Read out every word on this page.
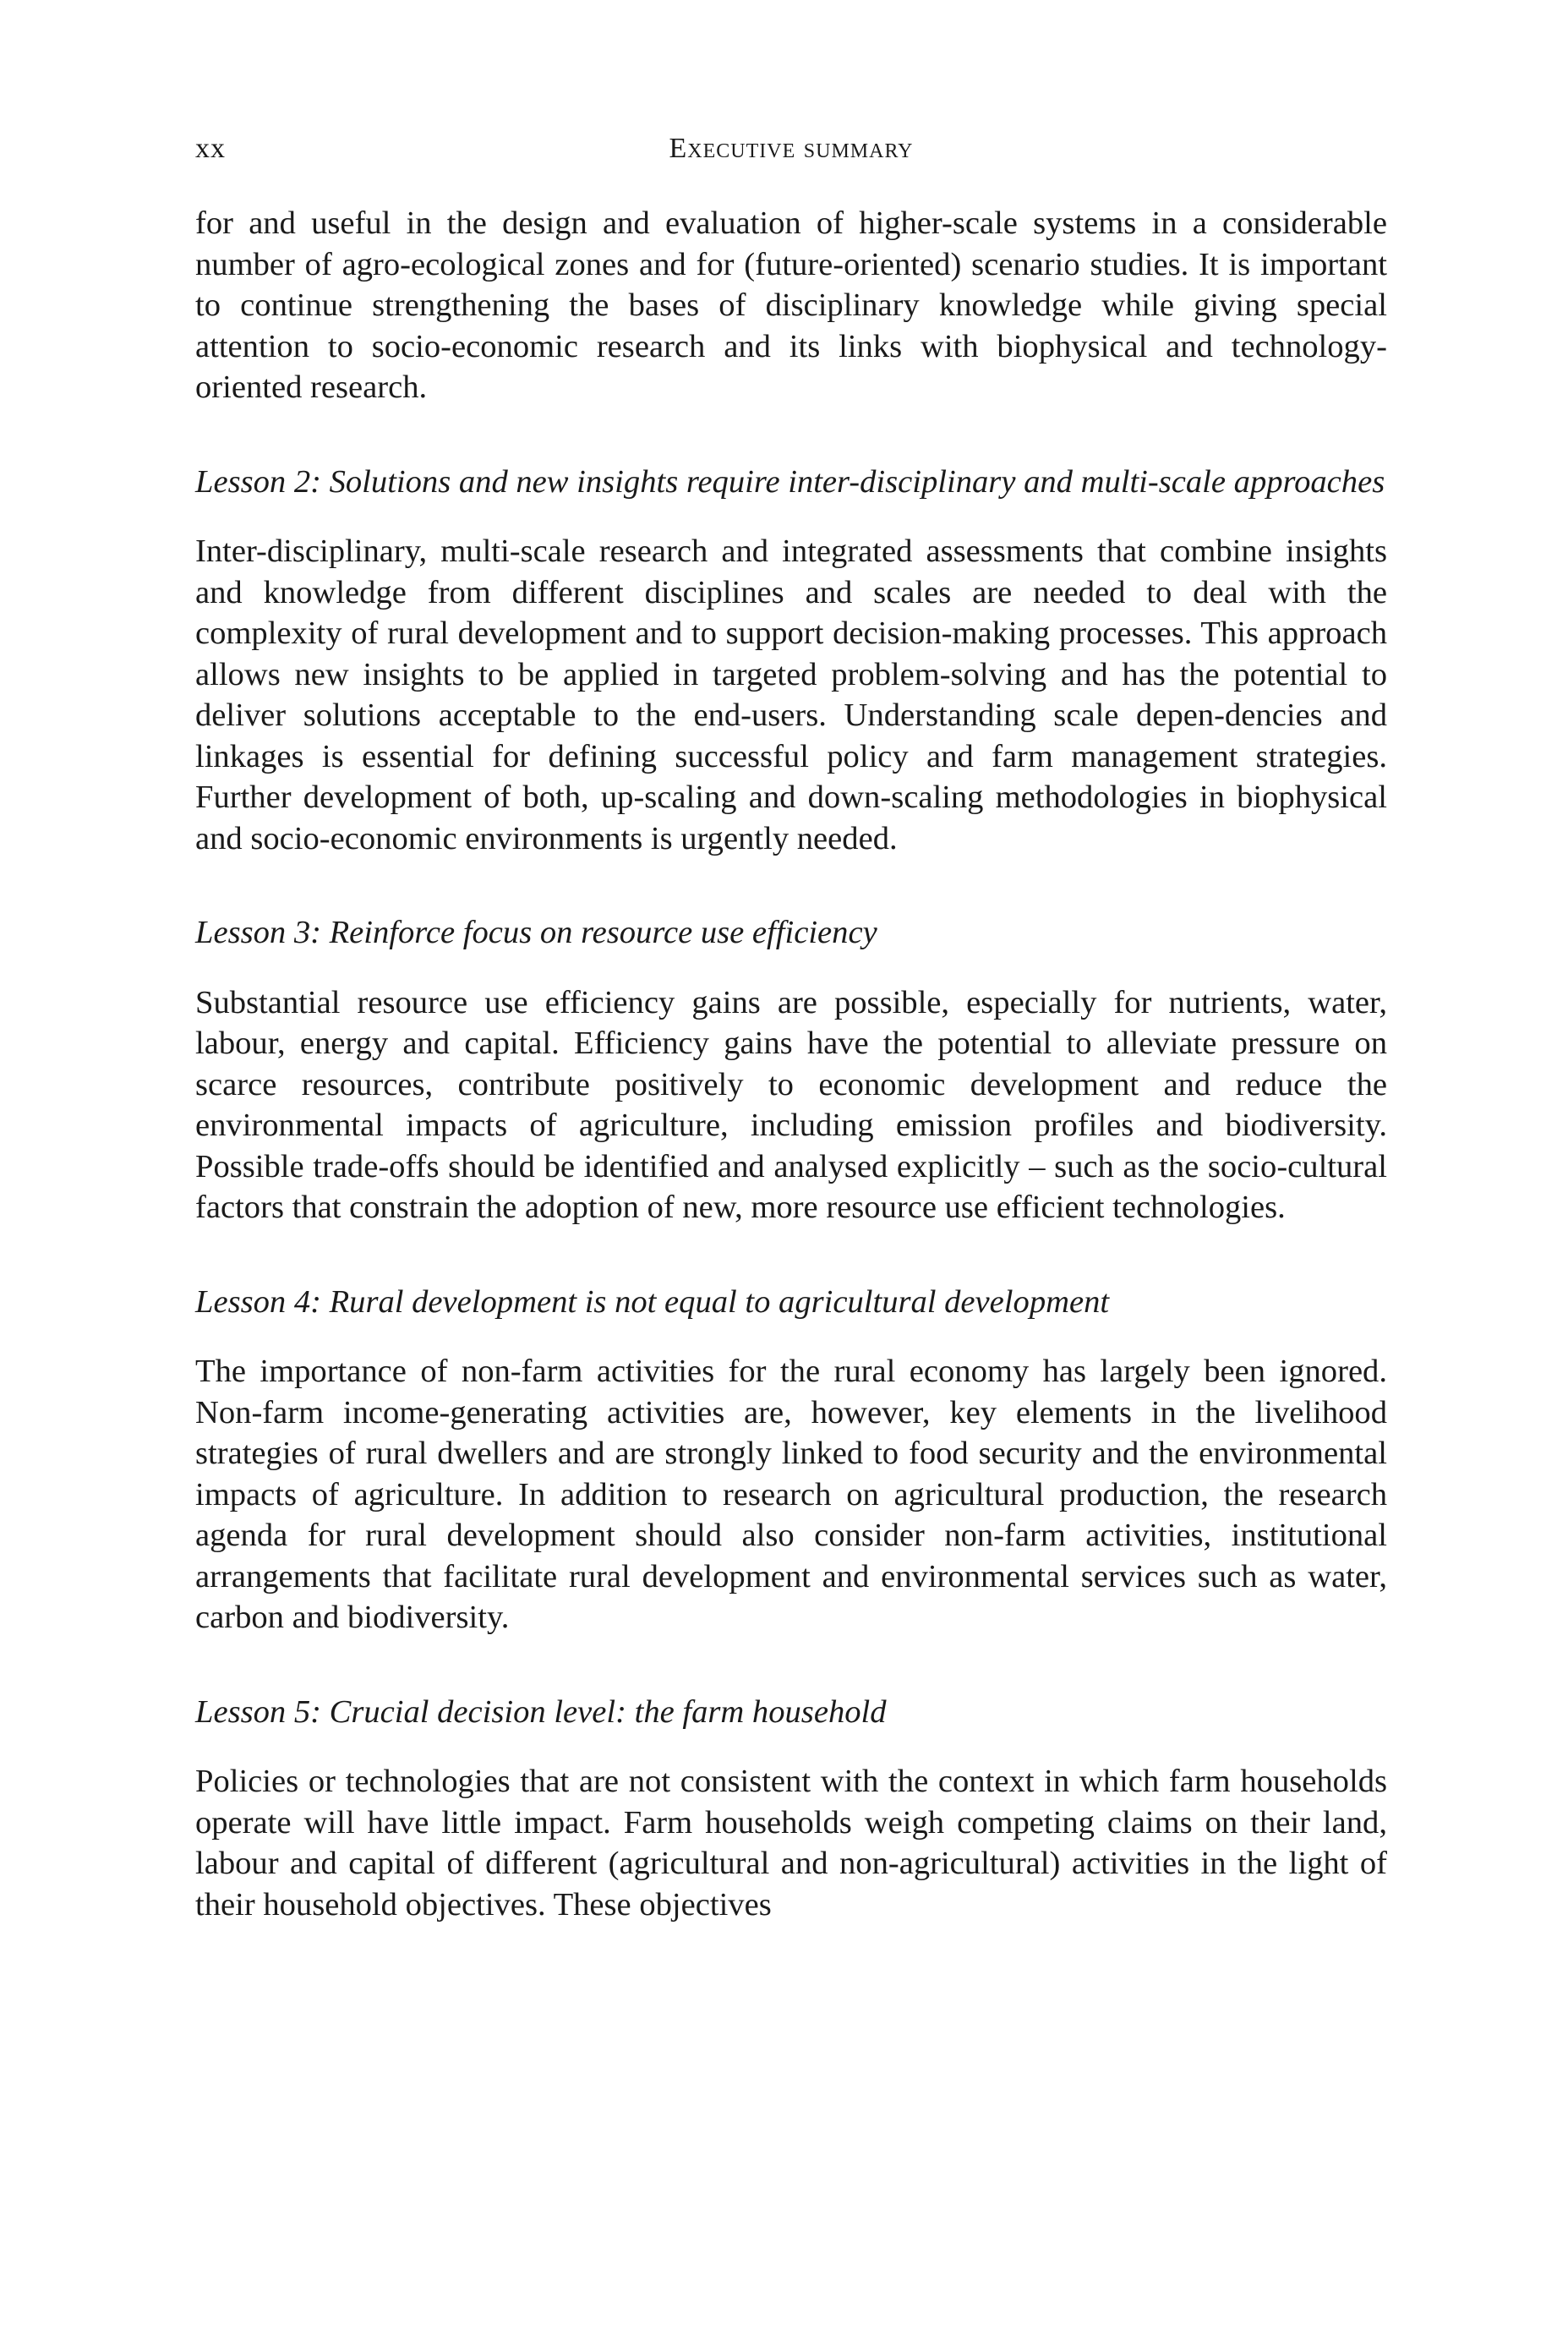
xx	Executive summary

for and useful in the design and evaluation of higher-scale systems in a considerable number of agro-ecological zones and for (future-oriented) scenario studies. It is important to continue strengthening the bases of disciplinary knowledge while giving special attention to socio-economic research and its links with biophysical and technology-oriented research.

Lesson 2: Solutions and new insights require inter-disciplinary and multi-scale approaches

Inter-disciplinary, multi-scale research and integrated assessments that combine insights and knowledge from different disciplines and scales are needed to deal with the complexity of rural development and to support decision-making processes. This approach allows new insights to be applied in targeted problem-solving and has the potential to deliver solutions acceptable to the end-users. Understanding scale depen-dencies and linkages is essential for defining successful policy and farm management strategies. Further development of both, up-scaling and down-scaling methodologies in biophysical and socio-economic environments is urgently needed.

Lesson 3: Reinforce focus on resource use efficiency

Substantial resource use efficiency gains are possible, especially for nutrients, water, labour, energy and capital. Efficiency gains have the potential to alleviate pressure on scarce resources, contribute positively to economic development and reduce the environmental impacts of agriculture, including emission profiles and biodiversity. Possible trade-offs should be identified and analysed explicitly – such as the socio-cultural factors that constrain the adoption of new, more resource use efficient technologies.

Lesson 4: Rural development is not equal to agricultural development

The importance of non-farm activities for the rural economy has largely been ignored. Non-farm income-generating activities are, however, key elements in the livelihood strategies of rural dwellers and are strongly linked to food security and the environmental impacts of agriculture. In addition to research on agricultural production, the research agenda for rural development should also consider non-farm activities, institutional arrangements that facilitate rural development and environmental services such as water, carbon and biodiversity.

Lesson 5: Crucial decision level: the farm household

Policies or technologies that are not consistent with the context in which farm households operate will have little impact. Farm households weigh competing claims on their land, labour and capital of different (agricultural and non-agricultural) activities in the light of their household objectives. These objectives
